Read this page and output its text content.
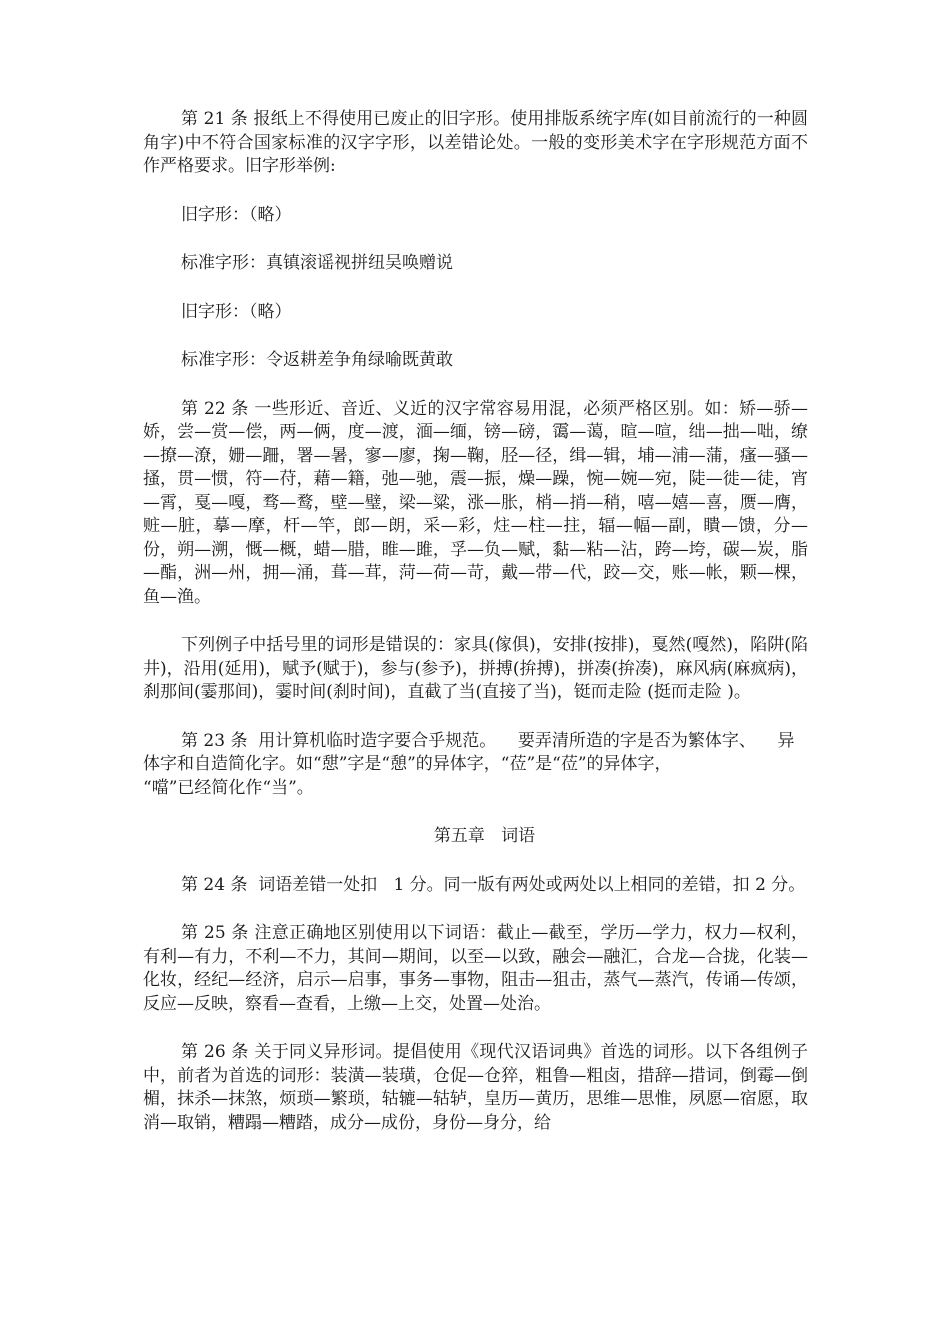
第 21 条 报纸上不得使用已废止的旧字形。使用排版系统字库(如目前流行的一种圆角字)中不符合国家标准的汉字字形，以差错论处。一般的变形美术字在字形规范方面不作严格要求。旧字形举例:

旧字形：（略）
标准字形：真镇滚谣视拼纽吴唤赠说
旧字形：（略）
标准字形：令返耕差争角绿喻既黄敢

第 22 条 一些形近、音近、义近的汉字常容易用混，必须严格区别。如：矫—骄—娇，尝—赏—偿，两—俩，度—渡，湎—缅，镑—磅，霭—蔼，暄—喧，绌—拙—咄，缭—撩—潦，姗—跚，署—暑，寥—廖，掬—鞠，胫—径，缉—辑，埔—浦—蒲，瘙—骚—搔，贯—惯，符—苻，藉—籍，弛—驰，震—振，燥—躁，惋—婉—宛，陡—徙—徒，宵—霄，戛—嘎，骛—鹜，壁—璧，梁—粱，涨—胀，梢—捎—稍，嘻—嬉—喜，赝—膺，赃—脏，摹—摩，杆—竿，郎—朗，采—彩，炷—柱—拄，辐—幅—副，瞶—馈，分—份，朔—溯，慨—概，蜡—腊，睢—雎，孚—负—赋，黏—粘—沾，跨—垮，碳—炭，脂—酯，洲—州，拥—涌，葺—茸，菏—荷—苛，戴—带—代，跤—交，账—帐，颗—棵，鱼—渔。

下列例子中括号里的词形是错误的：家具(傢俱)，安排(按排)，戛然(嘎然)，陷阱(陷井)，沿用(延用)，赋予(赋于)，参与(参予)，拼搏(拚搏)，拼凑(拚凑)，麻风病(麻疯病)，刹那间(霎那间)，霎时间(刹时间)，直截了当(直接了当)，铤而走险 (挺而走险 )。

第 23 条  用计算机临时造字要合乎规范。    要弄清所造的字是否为繁体字、    异
体字和自造简化字。如“憇”字是“憩”的异体字，“莅”是“莅”的异体字，
“噹”已经简化作“当”。

第五章   词语

第 24 条  词语差错一处扣   1 分。同一版有两处或两处以上相同的差错，扣 2 分。

第 25 条 注意正确地区别使用以下词语：截止—截至，学历—学力，权力—权利，有利—有力，不利—不力，其间—期间，以至—以致，融会—融汇，合龙—合拢，化装—化妆，经纪—经济，启示—启事，事务—事物，阻击—狙击，蒸气—蒸汽，传诵—传颂，反应—反映，察看—查看，上缴—上交，处置—处治。

第 26 条 关于同义异形词。提倡使用《现代汉语词典》首选的词形。以下各组例子中，前者为首选的词形：装潢—装璜，仓促—仓猝，粗鲁—粗卤，措辞—措词，倒霉—倒楣，抹杀—抹煞，烦琐—繁琐，轱辘—轱轳，皇历—黄历，思维—思惟，夙愿—宿愿，取消—取销，糟蹋—糟踏，成分—成份，身份—身分，给
